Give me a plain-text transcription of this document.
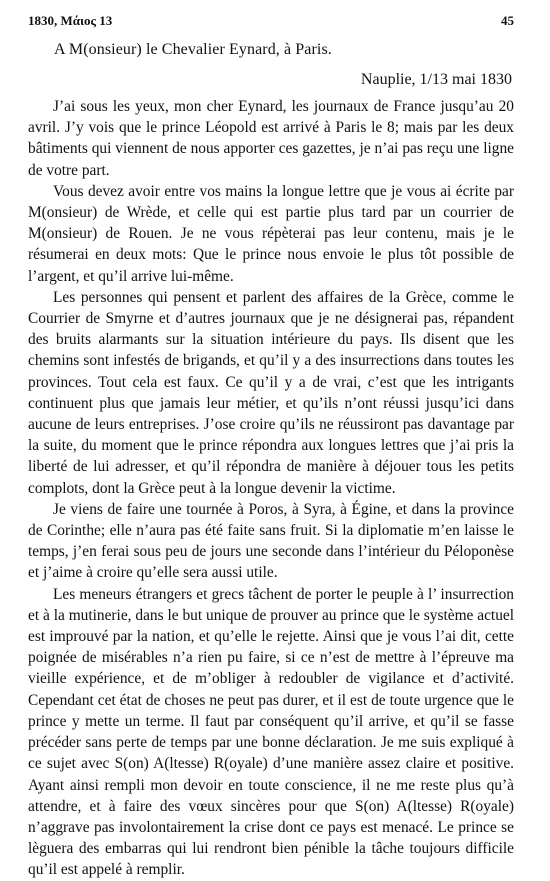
1830, Μάιος 13	45
A M(onsieur) le Chevalier Eynard, à Paris.
Nauplie, 1/13 mai 1830

J’ai sous les yeux, mon cher Eynard, les journaux de France jusqu’au 20 avril. J’y vois que le prince Léopold est arrivé à Paris le 8; mais par les deux bâtiments qui viennent de nous apporter ces gazettes, je n’ai pas reçu une ligne de votre part.

Vous devez avoir entre vos mains la longue lettre que je vous ai écrite par M(onsieur) de Wrède, et celle qui est partie plus tard par un courrier de M(onsieur) de Rouen. Je ne vous répèterai pas leur contenu, mais je le résumerai en deux mots: Que le prince nous envoie le plus tôt possible de l’argent, et qu’il arrive lui-même.

Les personnes qui pensent et parlent des affaires de la Grèce, comme le Courrier de Smyrne et d’autres journaux que je ne désignerai pas, répandent des bruits alarmants sur la situation intérieure du pays. Ils disent que les chemins sont infestés de brigands, et qu’il y a des insurrections dans toutes les provinces. Tout cela est faux. Ce qu’il y a de vrai, c’est que les intrigants continuent plus que jamais leur métier, et qu’ils n’ont réussi jusqu’ici dans aucune de leurs entreprises. J’ose croire qu’ils ne réussiront pas davantage par la suite, du moment que le prince répondra aux longues lettres que j’ai pris la liberté de lui adresser, et qu’il répondra de manière à déjouer tous les petits complots, dont la Grèce peut à la longue devenir la victime.

Je viens de faire une tournée à Poros, à Syra, à Égine, et dans la province de Corinthe; elle n’aura pas été faite sans fruit. Si la diplomatie m’en laisse le temps, j’en ferai sous peu de jours une seconde dans l’intérieur du Péloponèse et j’aime à croire qu’elle sera aussi utile.

Les meneurs étrangers et grecs tâchent de porter le peuple à l’ insurrection et à la mutinerie, dans le but unique de prouver au prince que le système actuel est improuvé par la nation, et qu’elle le rejette. Ainsi que je vous l’ai dit, cette poignée de misérables n’a rien pu faire, si ce n’est de mettre à l’épreuve ma vieille expérience, et de m’obliger à redoubler de vigilance et d’activité. Cependant cet état de choses ne peut pas durer, et il est de toute urgence que le prince y mette un terme. Il faut par conséquent qu’il arrive, et qu’il se fasse précéder sans perte de temps par une bonne déclaration. Je me suis expliqué à ce sujet avec S(on) A(ltesse) R(oyale) d’une manière assez claire et positive. Ayant ainsi rempli mon devoir en toute conscience, il ne me reste plus qu’à attendre, et à faire des vœux sincères pour que S(on) A(ltesse) R(oyale) n’aggrave pas involontairement la crise dont ce pays est menacé. Le prince se lèguera des embarras qui lui rendront bien pénible la tâche toujours difficile qu’il est appelé à remplir.
